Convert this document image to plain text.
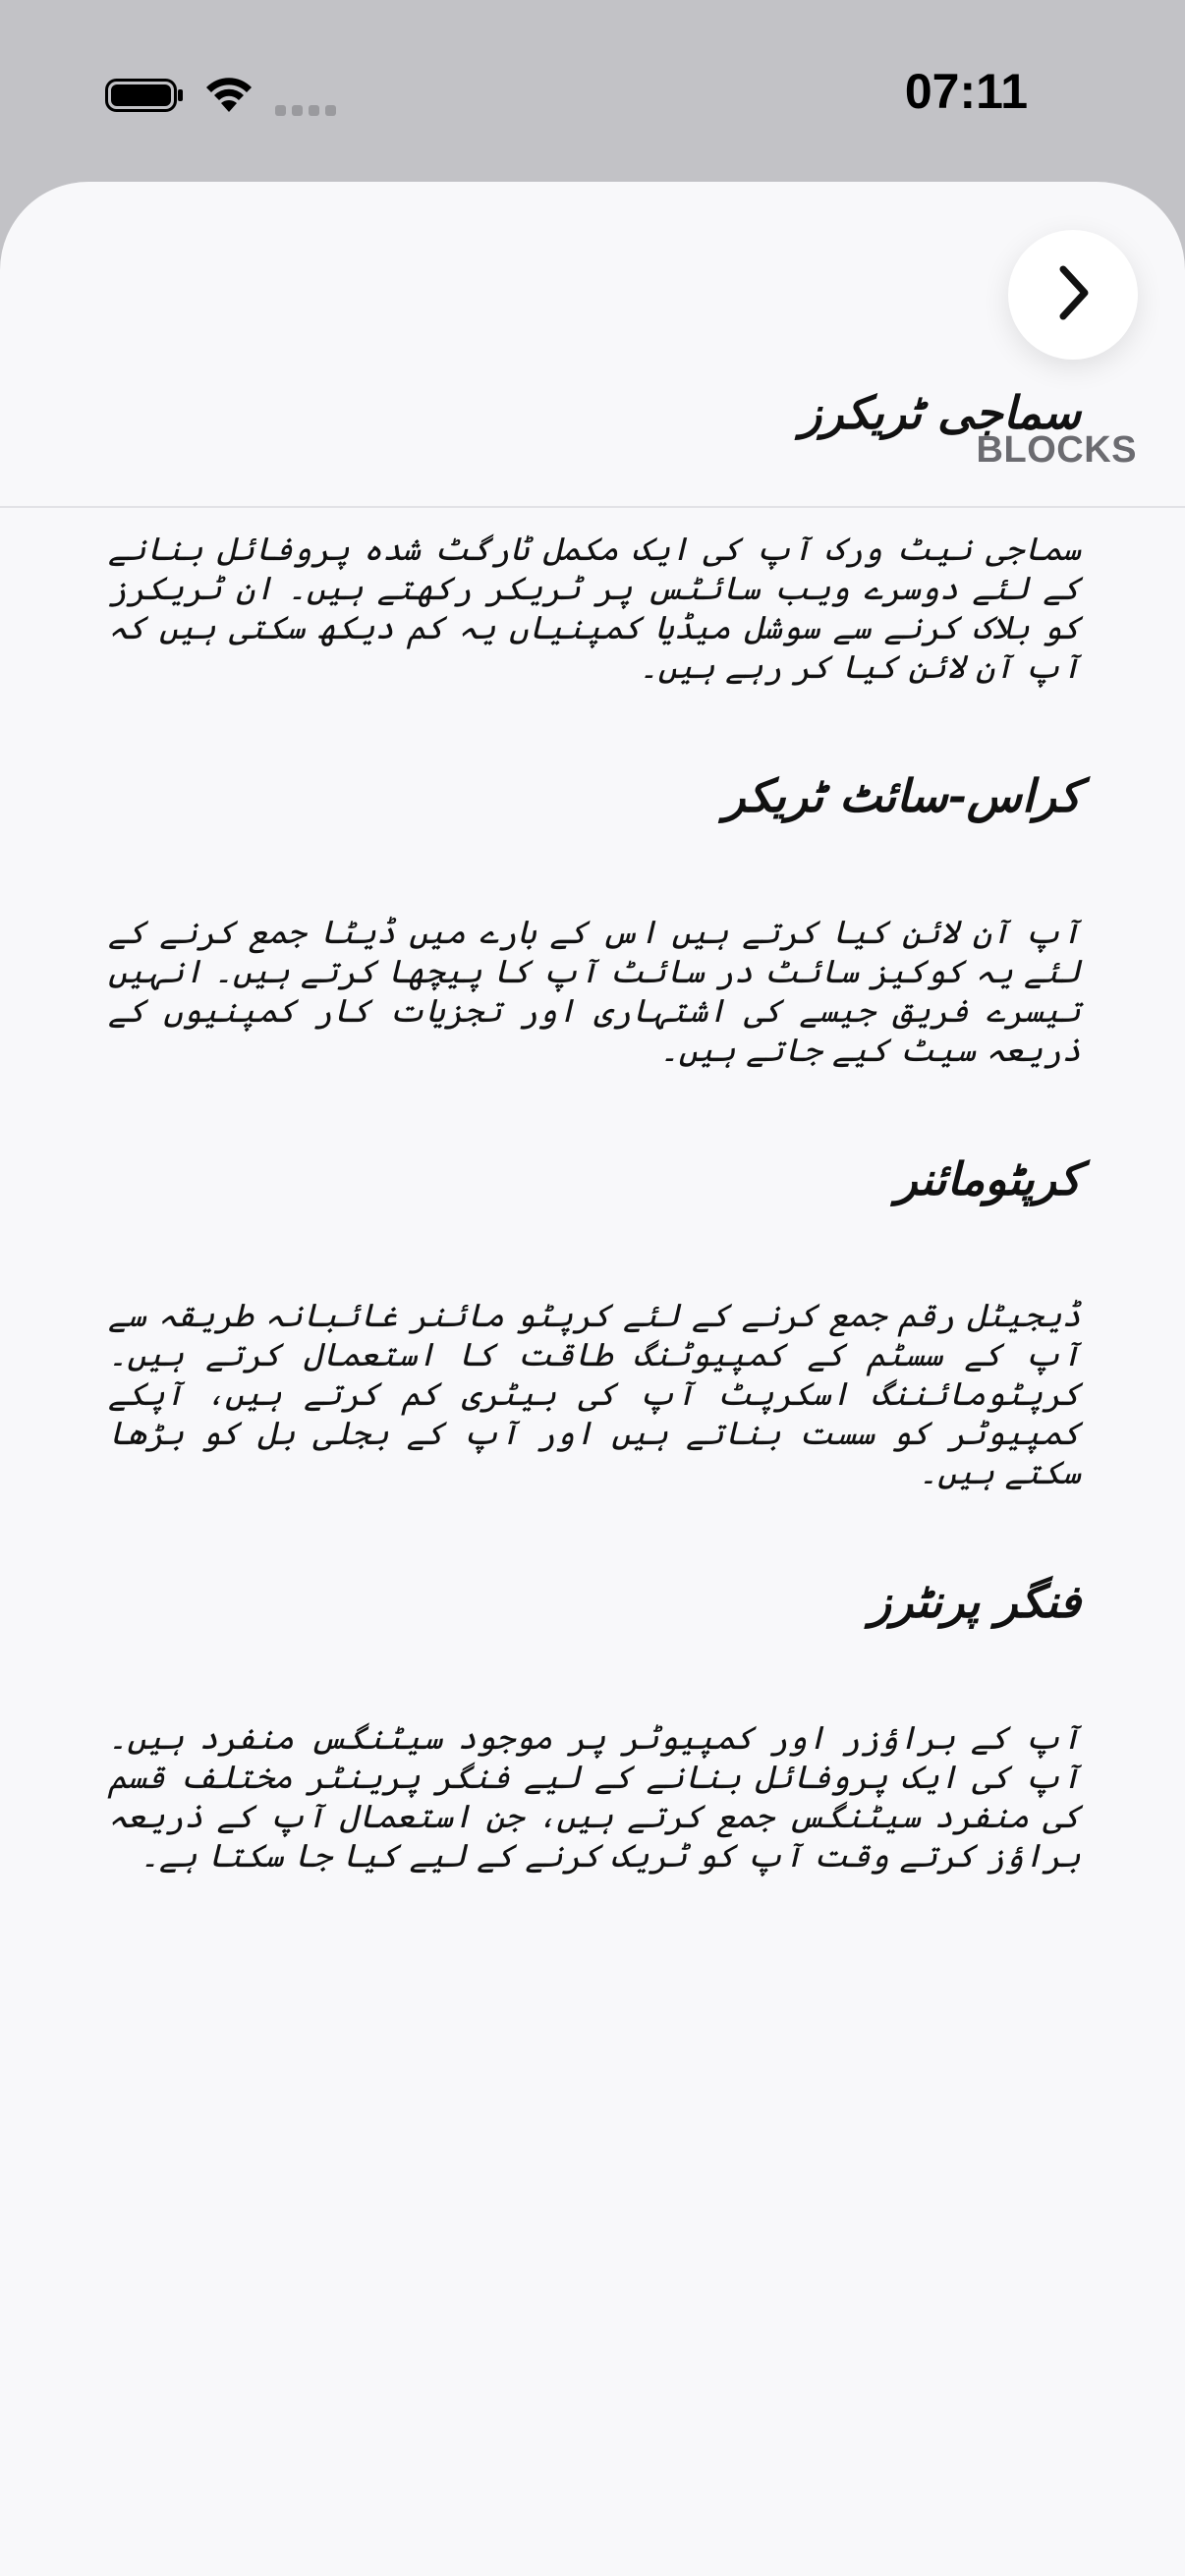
07:11
BLOCKS
سماجی ٹریکرز

سماجی نیٹ ورک آپ کی ایک مکمل ٹارگٹ شدہ پروفائل بنانے کے لئے دوسرے ویب سائٹس پر ٹریکر رکھتے ہیں۔ ان ٹریکرز کو بلاک کرنے سے سوشل میڈیا کمپنیاں یہ کم دیکھ سکتی ہیں کہ آپ آن لائن کیا کر رہے ہیں۔

کراس-سائٹ ٹریکر

آپ آن لائن کیا کرتے ہیں اس کے بارے میں ڈیٹا جمع کرنے کے لئے یہ کوکیز سائٹ در سائٹ آپ کا پیچھا کرتے ہیں۔ انہیں تیسرے فریق جیسے کی اشتہاری اور تجزیات کار کمپنیوں کے ذریعہ سیٹ کیے جاتے ہیں۔

کرپٹومائنر

ڈیجیٹل رقم جمع کرنے کے لئے کرپٹو مائنر غائبانہ طریقہ سے آپ کے سسٹم کے کمپیوٹنگ طاقت کا استعمال کرتے ہیں۔ کرپٹومائننگ اسکرپٹ آپ کی بیٹری کم کرتے ہیں، آپکے کمپیوٹر کو سست بناتے ہیں اور آپ کے بجلی بل کو بڑھا سکتے ہیں۔

فنگر پرنٹرز

آپ کے براؤزر اور کمپیوٹر پر موجود سیٹنگس منفرد ہیں۔ آپ کی ایک پروفائل بنانے کے لیے فنگر پرینٹر مختلف قسم کی منفرد سیٹنگس جمع کرتے ہیں، جن استعمال آپ کے ذریعہ براؤز کرتے وقت آپ کو ٹریک کرنے کے لیے کیا جا سکتا ہے۔
